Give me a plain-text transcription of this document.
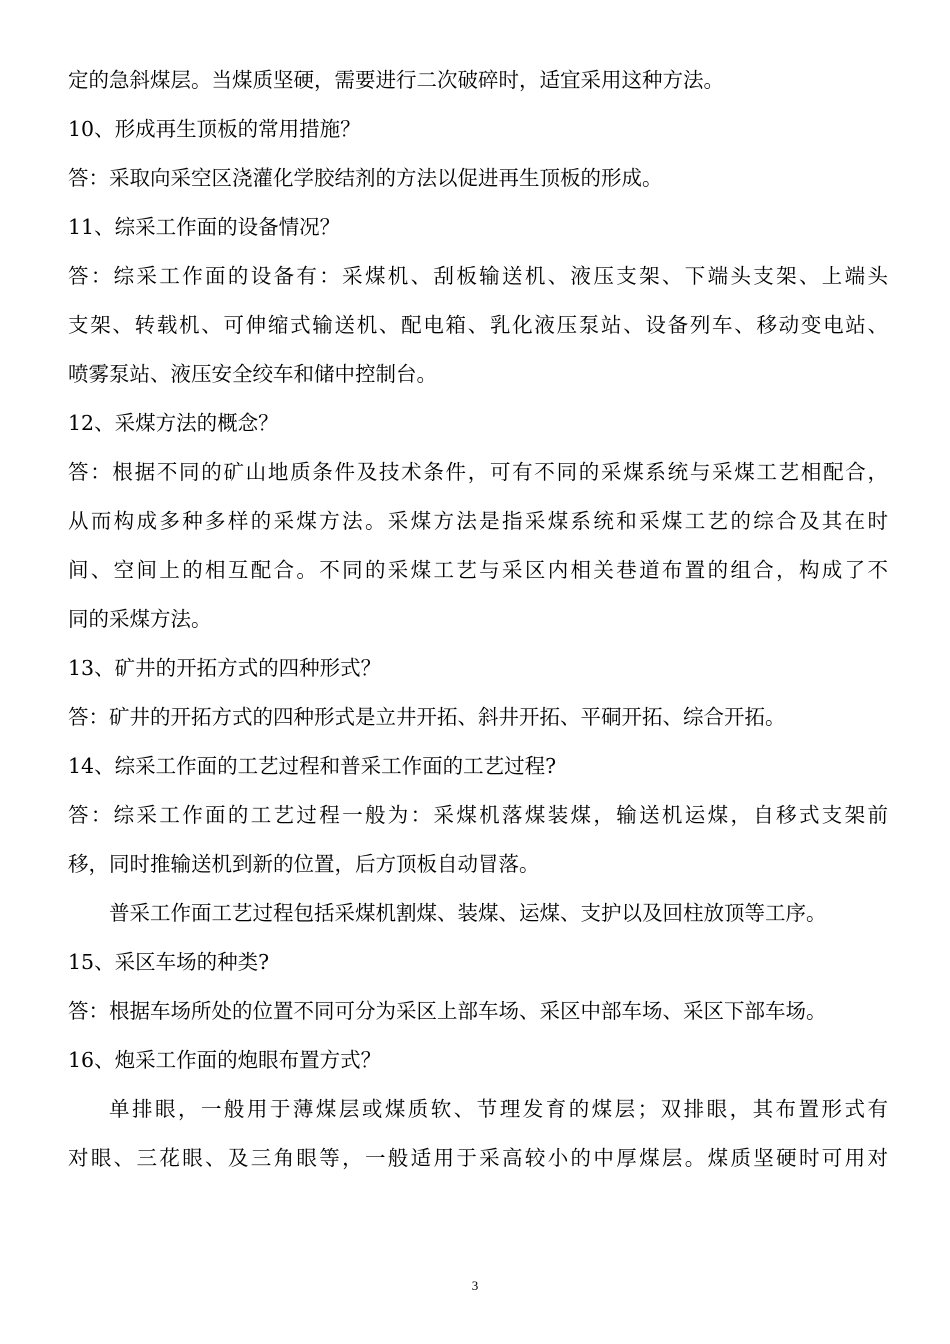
定的急斜煤层。当煤质坚硬，需要进行二次破碎时，适宜采用这种方法。
10、形成再生顶板的常用措施？
答：采取向采空区浇灌化学胶结剂的方法以促进再生顶板的形成。
11、综采工作面的设备情况？
答：综采工作面的设备有：采煤机、刮板输送机、液压支架、下端头支架、上端头
支架、转载机、可伸缩式输送机、配电箱、乳化液压泵站、设备列车、移动变电站、
喷雾泵站、液压安全绞车和储中控制台。
12、采煤方法的概念？
答：根据不同的矿山地质条件及技术条件，可有不同的采煤系统与采煤工艺相配合，
从而构成多种多样的采煤方法。采煤方法是指采煤系统和采煤工艺的综合及其在时
间、空间上的相互配合。不同的采煤工艺与采区内相关巷道布置的组合，构成了不
同的采煤方法。
13、矿井的开拓方式的四种形式？
答：矿井的开拓方式的四种形式是立井开拓、斜井开拓、平硐开拓、综合开拓。
14、综采工作面的工艺过程和普采工作面的工艺过程?
答：综采工作面的工艺过程一般为：采煤机落煤装煤，输送机运煤，自移式支架前
移，同时推输送机到新的位置，后方顶板自动冒落。
普采工作面工艺过程包括采煤机割煤、装煤、运煤、支护以及回柱放顶等工序。
15、采区车场的种类?
答：根据车场所处的位置不同可分为采区上部车场、采区中部车场、采区下部车场。
16、炮采工作面的炮眼布置方式？
单排眼，一般用于薄煤层或煤质软、节理发育的煤层；双排眼，其布置形式有
对眼、三花眼、及三角眼等，一般适用于采高较小的中厚煤层。煤质坚硬时可用对
3
